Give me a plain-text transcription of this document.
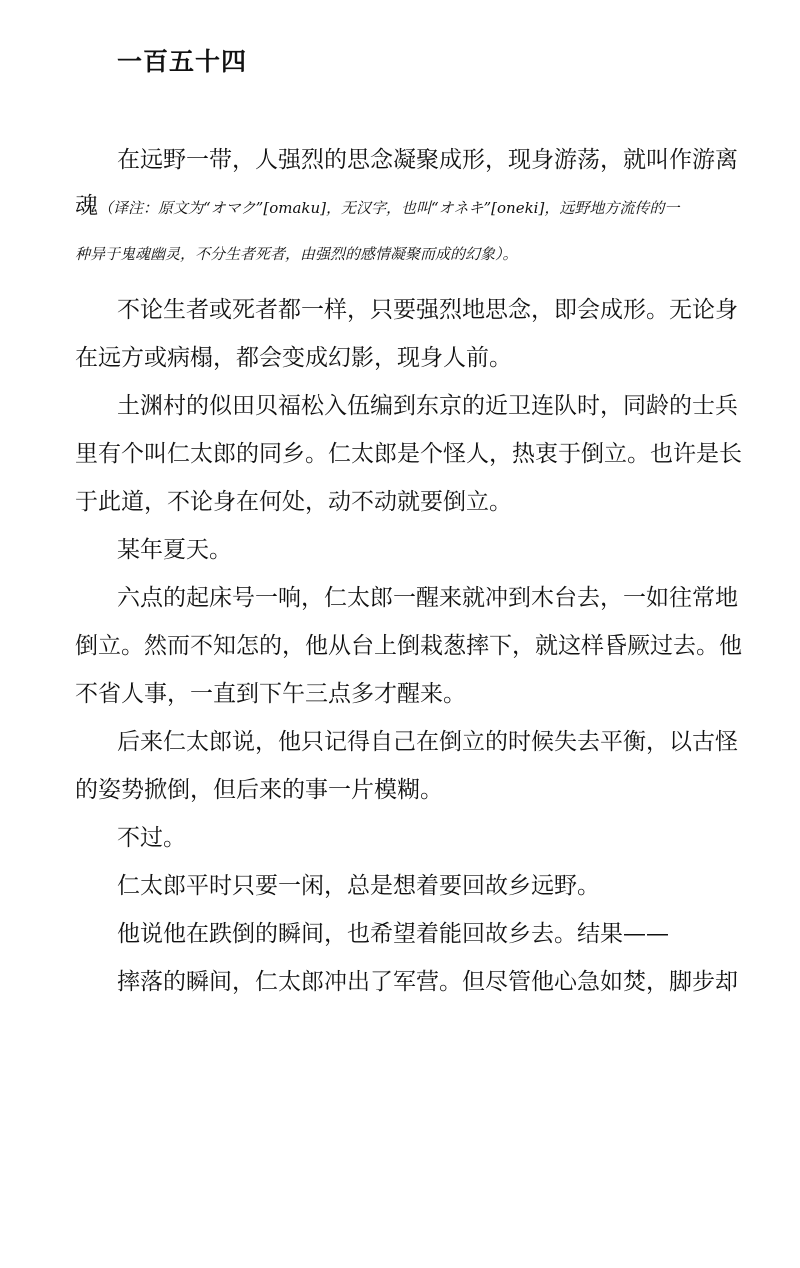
一百五十四
在远野一带，人强烈的思念凝聚成形，现身游荡，就叫作游离
魂（译注：原文为“オマク”[omaku]，无汉字，也叫“オネキ”[oneki]，远野地方流传的一
种异于鬼魂幽灵，不分生者死者，由强烈的感情凝聚而成的幻象）。
不论生者或死者都一样，只要强烈地思念，即会成形。无论身
在远方或病榻，都会变成幻影，现身人前。
土渊村的似田贝福松入伍编到东京的近卫连队时，同龄的士兵
里有个叫仁太郎的同乡。仁太郎是个怪人，热衷于倒立。也许是长
于此道，不论身在何处，动不动就要倒立。
某年夏天。
六点的起床号一响，仁太郎一醒来就冲到木台去，一如往常地
倒立。然而不知怎的，他从台上倒栽葱摔下，就这样昏厥过去。他
不省人事，一直到下午三点多才醒来。
后来仁太郎说，他只记得自己在倒立的时候失去平衡，以古怪
的姿势掀倒，但后来的事一片模糊。
不过。
仁太郎平时只要一闲，总是想着要回故乡远野。
他说他在跌倒的瞬间，也希望着能回故乡去。结果——
摔落的瞬间，仁太郎冲出了军营。但尽管他心急如焚，脚步却
